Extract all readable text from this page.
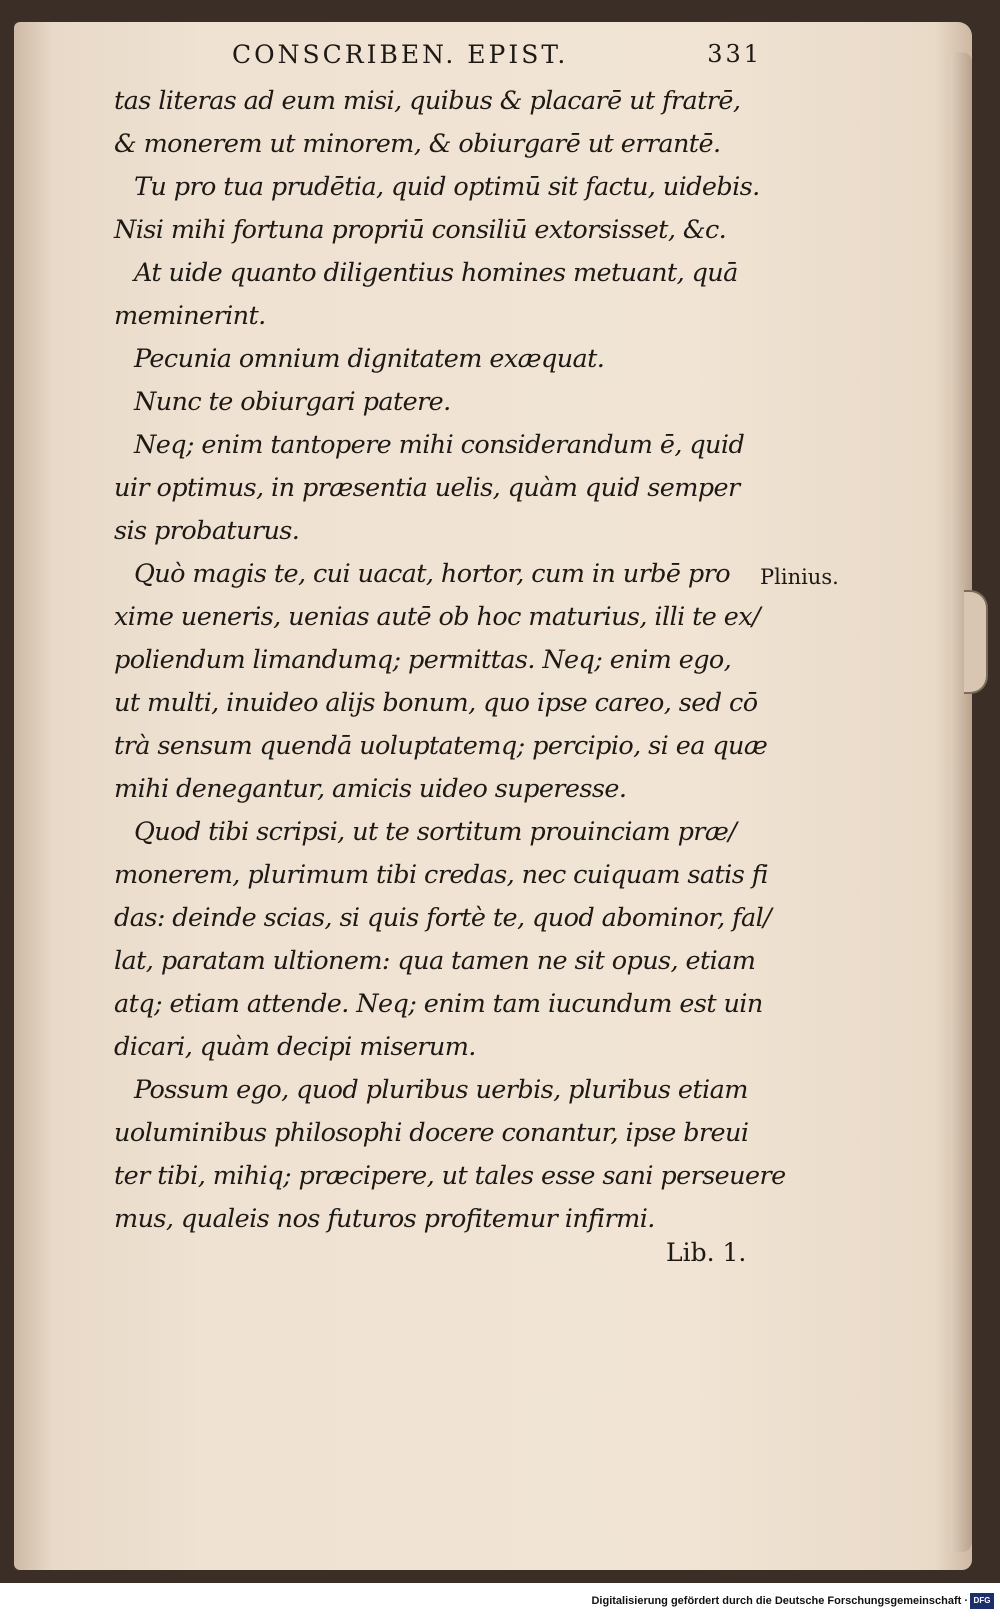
CONSCRIBEN. EPIST.	331
tas literas ad eum misi, quibus & placarē ut fratrē,
& monerem ut minorem, & obiurgarē ut errantē.
Tu pro tua prudētia, quid optimū sit factu, uidebis.
Nisi mihi fortuna propriū consiliū extorsisset, &c.
At uide quanto diligentius homines metuant, quā
meminerint.
Pecunia omnium dignitatem exæquat.
Nunc te obiurgari patere.
Neq; enim tantopere mihi considerandum ē, quid
uir optimus, in præsentia uelis, quàm quid semper
sis probaturus.
Quò magis te, cui uacat, hortor, cum in urbē pro
xime ueneris, uenias autē ob hoc maturius, illi te ex/
poliendum limandumq; permittas. Neq; enim ego,
ut multi, inuideo alijs bonum, quo ipse careo, sed cō
trà sensum quendā uoluptatemq; percipio, si ea quæ
mihi denegantur, amicis uideo superesse.
Quod tibi scripsi, ut te sortitum prouinciam præ/
monerem, plurimum tibi credas, nec cuiquam satis fi
das: deinde scias, si quis fortè te, quod abominor, fal/
lat, paratam ultionem: qua tamen ne sit opus, etiam
atq; etiam attende. Neq; enim tam iucundum est uin
dicari, quàm decipi miserum.
Possum ego, quod pluribus uerbis, pluribus etiam
uoluminibus philosophi docere conantur, ipse breui
ter tibi, mihiq; præcipere, ut tales esse sani perseuere
mus, qualeis nos futuros profitemur infirmi.
Plinius.
Lib. 1.
Digitalisierung gefördert durch die Deutsche Forschungsgemeinschaft · DFG
